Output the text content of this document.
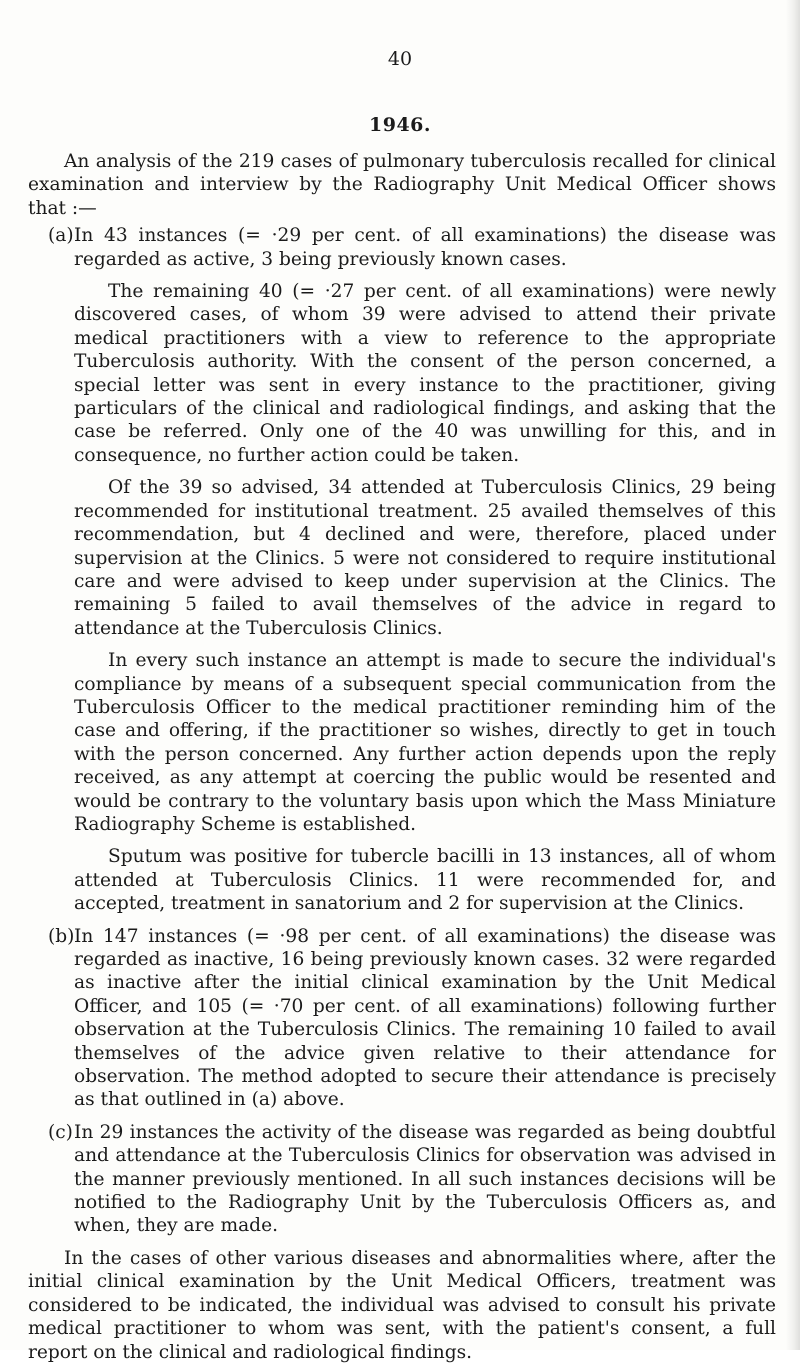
40
1946.

An analysis of the 219 cases of pulmonary tuberculosis recalled for clinical examination and interview by the Radiography Unit Medical Officer shows that :—

(a) In 43 instances (= ·29 per cent. of all examinations) the disease was regarded as active, 3 being previously known cases.

The remaining 40 (= ·27 per cent. of all examinations) were newly discovered cases, of whom 39 were advised to attend their private medical practitioners with a view to reference to the appropriate Tuberculosis authority. With the consent of the person concerned, a special letter was sent in every instance to the practitioner, giving particulars of the clinical and radiological findings, and asking that the case be referred. Only one of the 40 was unwilling for this, and in consequence, no further action could be taken.

Of the 39 so advised, 34 attended at Tuberculosis Clinics, 29 being recommended for institutional treatment. 25 availed themselves of this recommendation, but 4 declined and were, therefore, placed under supervision at the Clinics. 5 were not considered to require institutional care and were advised to keep under supervision at the Clinics. The remaining 5 failed to avail themselves of the advice in regard to attendance at the Tuberculosis Clinics.

In every such instance an attempt is made to secure the individual's compliance by means of a subsequent special communication from the Tuberculosis Officer to the medical practitioner reminding him of the case and offering, if the practitioner so wishes, directly to get in touch with the person concerned. Any further action depends upon the reply received, as any attempt at coercing the public would be resented and would be contrary to the voluntary basis upon which the Mass Miniature Radiography Scheme is established.

Sputum was positive for tubercle bacilli in 13 instances, all of whom attended at Tuberculosis Clinics. 11 were recommended for, and accepted, treatment in sanatorium and 2 for supervision at the Clinics.

(b) In 147 instances (= ·98 per cent. of all examinations) the disease was regarded as inactive, 16 being previously known cases. 32 were regarded as inactive after the initial clinical examination by the Unit Medical Officer, and 105 (= ·70 per cent. of all examinations) following further observation at the Tuberculosis Clinics. The remaining 10 failed to avail themselves of the advice given relative to their attendance for observation. The method adopted to secure their attendance is precisely as that outlined in (a) above.

(c) In 29 instances the activity of the disease was regarded as being doubtful and attendance at the Tuberculosis Clinics for observation was advised in the manner previously mentioned. In all such instances decisions will be notified to the Radiography Unit by the Tuberculosis Officers as, and when, they are made.

In the cases of other various diseases and abnormalities where, after the initial clinical examination by the Unit Medical Officers, treatment was considered to be indicated, the individual was advised to consult his private medical practitioner to whom was sent, with the patient's consent, a full report on the clinical and radiological findings.
